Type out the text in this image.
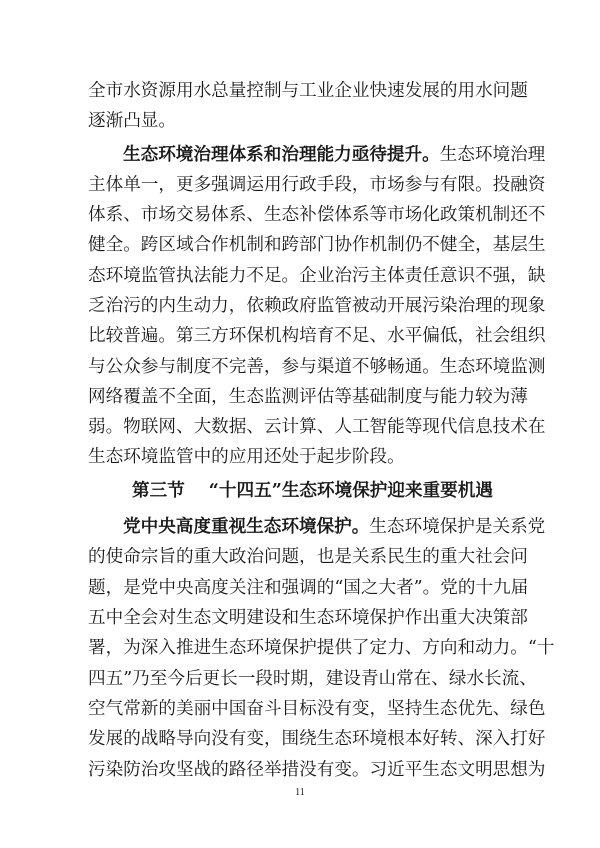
全市水资源用水总量控制与工业企业快速发展的用水问题
逐渐凸显。
生态环境治理体系和治理能力亟待提升。生态环境治理
主体单一，更多强调运用行政手段，市场参与有限。投融资
体系、市场交易体系、生态补偿体系等市场化政策机制还不
健全。跨区域合作机制和跨部门协作机制仍不健全，基层生
态环境监管执法能力不足。企业治污主体责任意识不强，缺
乏治污的内生动力，依赖政府监管被动开展污染治理的现象
比较普遍。第三方环保机构培育不足、水平偏低，社会组织
与公众参与制度不完善，参与渠道不够畅通。生态环境监测
网络覆盖不全面，生态监测评估等基础制度与能力较为薄
弱。物联网、大数据、云计算、人工智能等现代信息技术在
生态环境监管中的应用还处于起步阶段。
第三节 “十四五”生态环境保护迎来重要机遇
党中央高度重视生态环境保护。生态环境保护是关系党
的使命宗旨的重大政治问题，也是关系民生的重大社会问
题，是党中央高度关注和强调的“国之大者”。党的十九届
五中全会对生态文明建设和生态环境保护作出重大决策部
署，为深入推进生态环境保护提供了定力、方向和动力。“十
四五”乃至今后更长一段时期，建设青山常在、绿水长流、
空气常新的美丽中国奋斗目标没有变，坚持生态优先、绿色
发展的战略导向没有变，围绕生态环境根本好转、深入打好
污染防治攻坚战的路径举措没有变。习近平生态文明思想为
11
